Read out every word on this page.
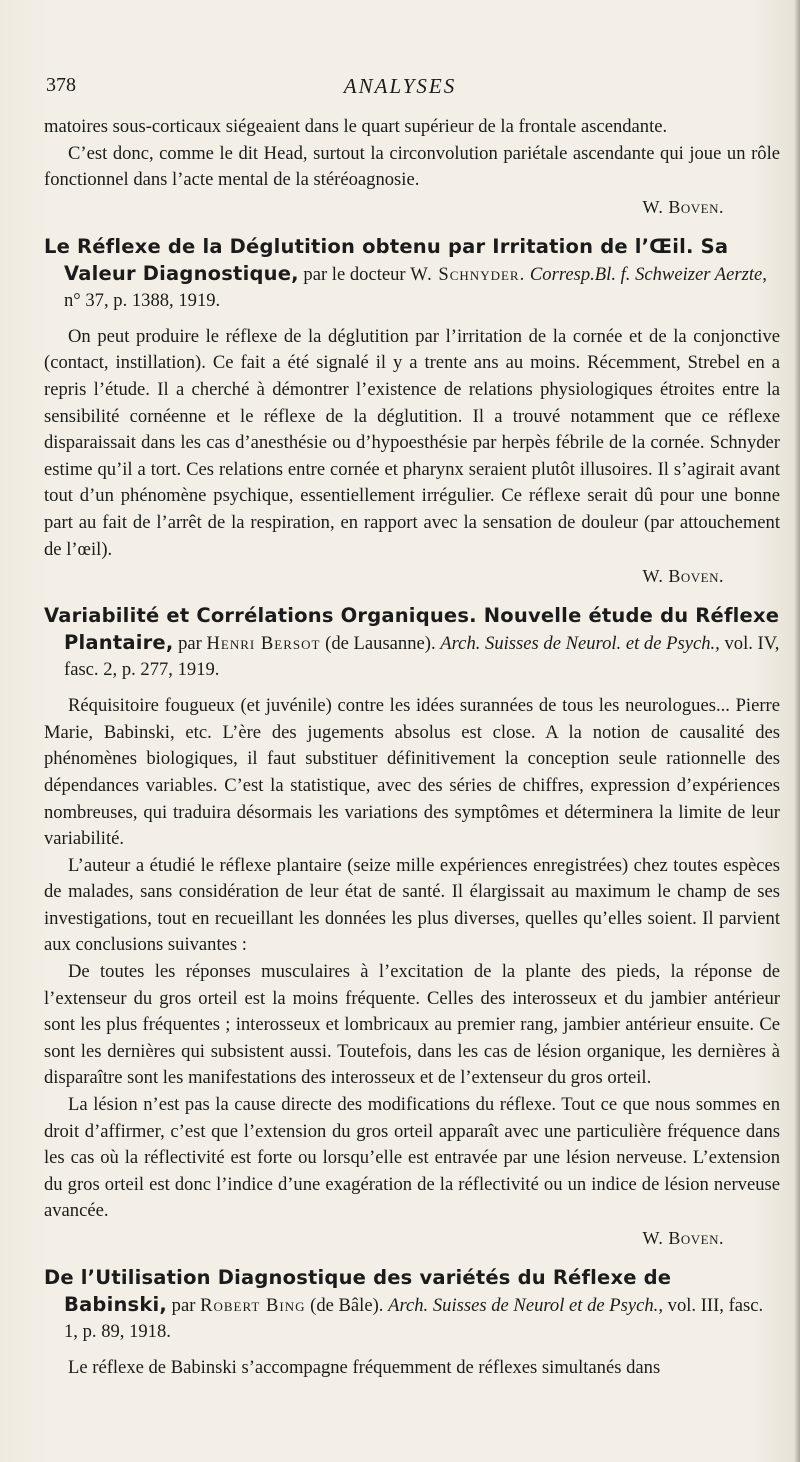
378	ANALYSES

matoires sous-corticaux siégeaient dans le quart supérieur de la frontale ascendante.

C’est donc, comme le dit Head, surtout la circonvolution pariétale ascendante qui joue un rôle fonctionnel dans l’acte mental de la stéréoagnosie.

W. Boven.
Le Réflexe de la Déglutition obtenu par Irritation de l’Œil. Sa Valeur Diagnostique, par le docteur W. Schnyder. Corresp.Bl. f. Schweizer Aerzte, n° 37, p. 1388, 1919.

On peut produire le réflexe de la déglutition par l’irritation de la cornée et de la conjonctive (contact, instillation). Ce fait a été signalé il y a trente ans au moins. Récemment, Strebel en a repris l’étude. Il a cherché à démontrer l’existence de relations physiologiques étroites entre la sensibilité cornéenne et le réflexe de la déglutition. Il a trouvé notamment que ce réflexe disparaissait dans les cas d’anesthésie ou d’hypoesthésie par herpès fébrile de la cornée. Schnyder estime qu’il a tort. Ces relations entre cornée et pharynx seraient plutôt illusoires. Il s’agirait avant tout d’un phénomène psychique, essentiellement irrégulier. Ce réflexe serait dû pour une bonne part au fait de l’arrêt de la respiration, en rapport avec la sensation de douleur (par attouchement de l’œil).

W. Boven.
Variabilité et Corrélations Organiques. Nouvelle étude du Réflexe Plantaire, par Henri Bersot (de Lausanne). Arch. Suisses de Neurol. et de Psych., vol. IV, fasc. 2, p. 277, 1919.

Réquisitoire fougueux (et juvénile) contre les idées surannées de tous les neurologues... Pierre Marie, Babinski, etc. L’ère des jugements absolus est close. A la notion de causalité des phénomènes biologiques, il faut substituer définitivement la conception seule rationnelle des dépendances variables. C’est la statistique, avec des séries de chiffres, expression d’expériences nombreuses, qui traduira désormais les variations des symptômes et déterminera la limite de leur variabilité.

L’auteur a étudié le réflexe plantaire (seize mille expériences enregistrées) chez toutes espèces de malades, sans considération de leur état de santé. Il élargissait au maximum le champ de ses investigations, tout en recueillant les données les plus diverses, quelles qu’elles soient. Il parvient aux conclusions suivantes :

De toutes les réponses musculaires à l’excitation de la plante des pieds, la réponse de l’extenseur du gros orteil est la moins fréquente. Celles des interosseux et du jambier antérieur sont les plus fréquentes ; interosseux et lombricaux au premier rang, jambier antérieur ensuite. Ce sont les dernières qui subsistent aussi. Toutefois, dans les cas de lésion organique, les dernières à disparaître sont les manifestations des interosseux et de l’extenseur du gros orteil.

La lésion n’est pas la cause directe des modifications du réflexe. Tout ce que nous sommes en droit d’affirmer, c’est que l’extension du gros orteil apparaît avec une particulière fréquence dans les cas où la réflectivité est forte ou lorsqu’elle est entravée par une lésion nerveuse. L’extension du gros orteil est donc l’indice d’une exagération de la réflectivité ou un indice de lésion nerveuse avancée.

W. Boven.
De l’Utilisation Diagnostique des variétés du Réflexe de Babinski, par Robert Bing (de Bâle). Arch. Suisses de Neurol et de Psych., vol. III, fasc. 1, p. 89, 1918.

Le réflexe de Babinski s’accompagne fréquemment de réflexes simultanés dans
